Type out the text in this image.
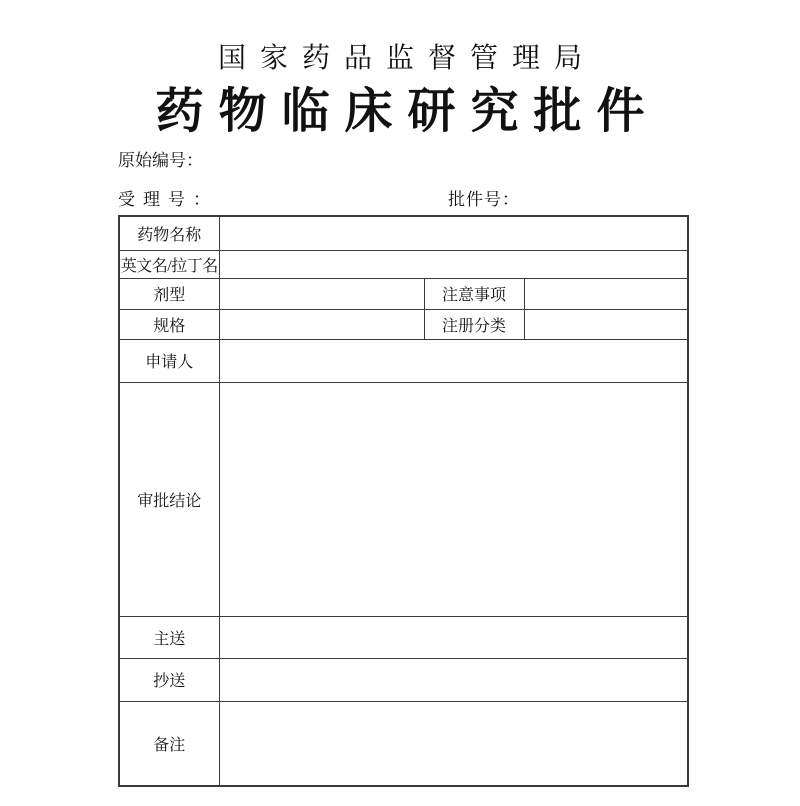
国家药品监督管理局
药物临床研究批件
原始编号：
受理号：	批件号：
药物名称			
英文名/拉丁名			
剂型		注意事项	
规格		注册分类	
申请人			
审批结论			
主送			
抄送			
备注			
